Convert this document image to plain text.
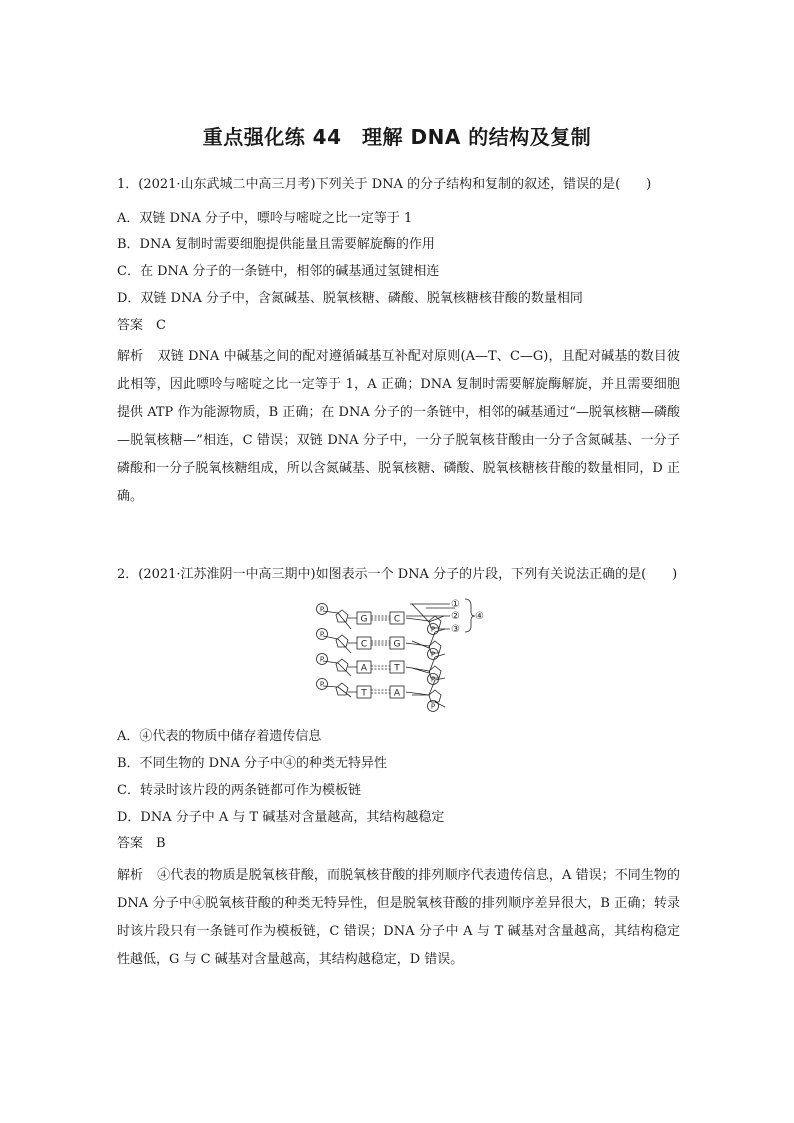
重点强化练 44　理解 DNA 的结构及复制
1．(2021·山东武城二中高三月考)下列关于 DNA 的分子结构和复制的叙述，错误的是(　　)
A．双链 DNA 分子中，嘌呤与嘧啶之比一定等于 1
B．DNA 复制时需要细胞提供能量且需要解旋酶的作用
C．在 DNA 分子的一条链中，相邻的碱基通过氢键相连
D．双链 DNA 分子中，含氮碱基、脱氧核糖、磷酸、脱氧核糖核苷酸的数量相同
答案　C
解析 双链 DNA 中碱基之间的配对遵循碱基互补配对原则(A—T、C—G)，且配对碱基的数目彼此相等，因此嘌呤与嘧啶之比一定等于 1，A 正确；DNA 复制时需要解旋酶解旋，并且需要细胞提供 ATP 作为能源物质，B 正确；在 DNA 分子的一条链中，相邻的碱基通过“—脱氧核糖—磷酸—脱氧核糖—”相连，C 错误；双链 DNA 分子中，一分子脱氧核苷酸由一分子含氮碱基、一分子磷酸和一分子脱氧核糖组成，所以含氮碱基、脱氧核糖、磷酸、脱氧核糖核苷酸的数量相同，D 正确。
2．(2021·江苏淮阴一中高三期中)如图表示一个 DNA 分子的片段，下列有关说法正确的是(　　)
P
P
P
P
P
P
P
P
G
C
A
T
C
G
T
A
①
②
③
④
A．④代表的物质中储存着遗传信息
B．不同生物的 DNA 分子中④的种类无特异性
C．转录时该片段的两条链都可作为模板链
D．DNA 分子中 A 与 T 碱基对含量越高，其结构越稳定
答案　B
解析 ④代表的物质是脱氧核苷酸，而脱氧核苷酸的排列顺序代表遗传信息，A 错误；不同生物的 DNA 分子中④脱氧核苷酸的种类无特异性，但是脱氧核苷酸的排列顺序差异很大，B 正确；转录时该片段只有一条链可作为模板链，C 错误；DNA 分子中 A 与 T 碱基对含量越高，其结构稳定性越低，G 与 C 碱基对含量越高，其结构越稳定，D 错误。
